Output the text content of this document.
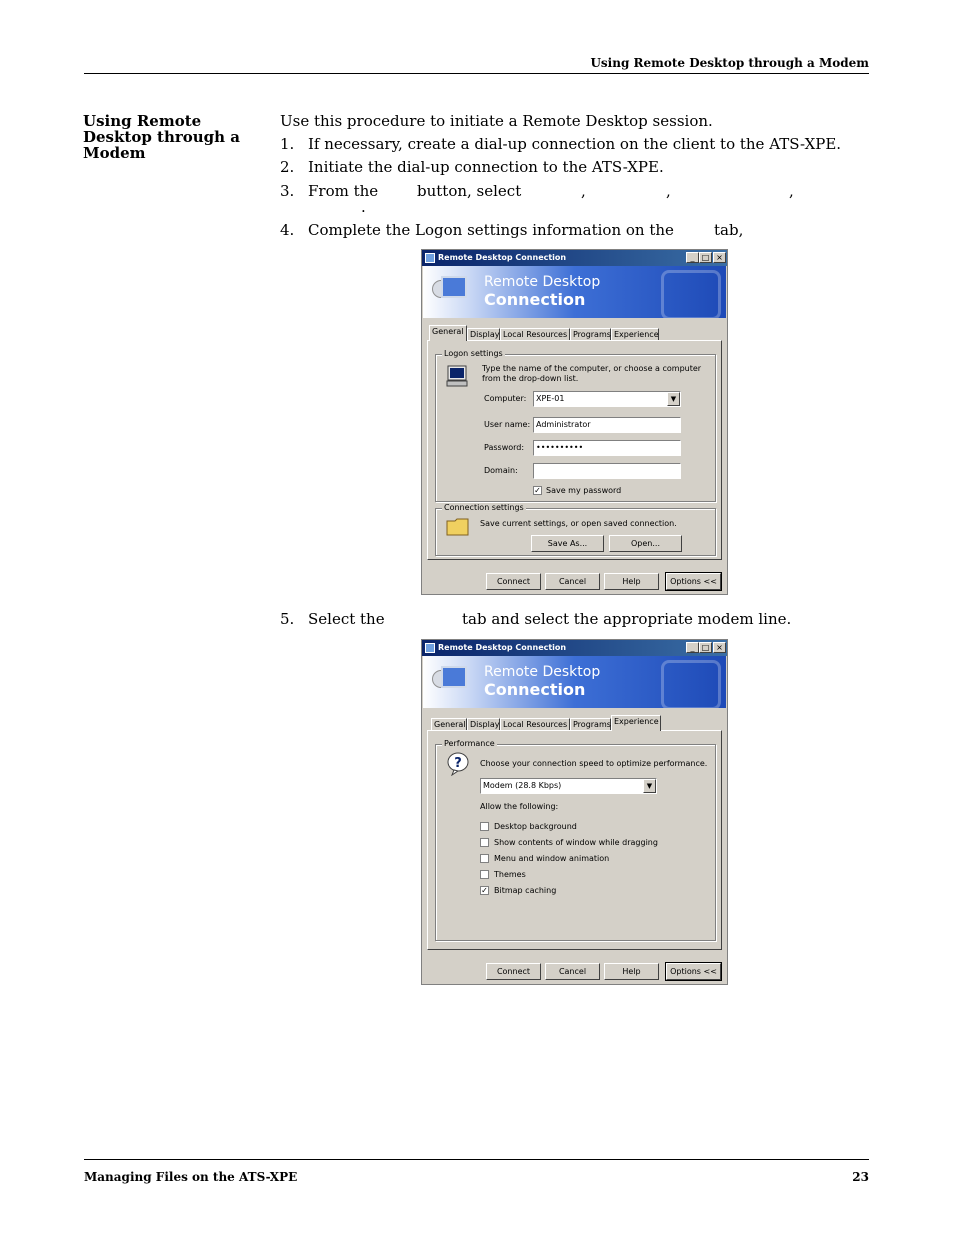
Using Remote Desktop through a Modem
Using Remote Desktop through a Modem
Use this procedure to initiate a Remote Desktop session.
1. If necessary, create a dial-up connection on the client to the ATS-XPE.
2. Initiate the dial-up connection to the ATS-XPE.
3. From the	button, select	,	,	,
.
4. Complete the Logon settings information on the	tab,
Remote Desktop Connection	_ □ ×
Remote Desktop
Connection
General Display Local Resources Programs Experience
Logon settings
Type the name of the computer, or choose a computer from the drop-down list.
Computer:	XPE-01	▼
User name: Administrator
Password:	••••••••••
Domain:
✓ Save my password
Connection settings
Save current settings, or open saved connection.
Save As...	Open...
Connect	Cancel	Help	Options <<
5. Select the	tab and select the appropriate modem line.
Remote Desktop Connection	_ □ ×
Remote Desktop
Connection
General Display Local Resources Programs Experience
Performance
? Choose your connection speed to optimize performance.
Modem (28.8 Kbps)	▼
Allow the following:
Desktop background
Show contents of window while dragging
Menu and window animation
Themes
✓ Bitmap caching
Connect	Cancel	Help	Options <<
Managing Files on the ATS-XPE	23
